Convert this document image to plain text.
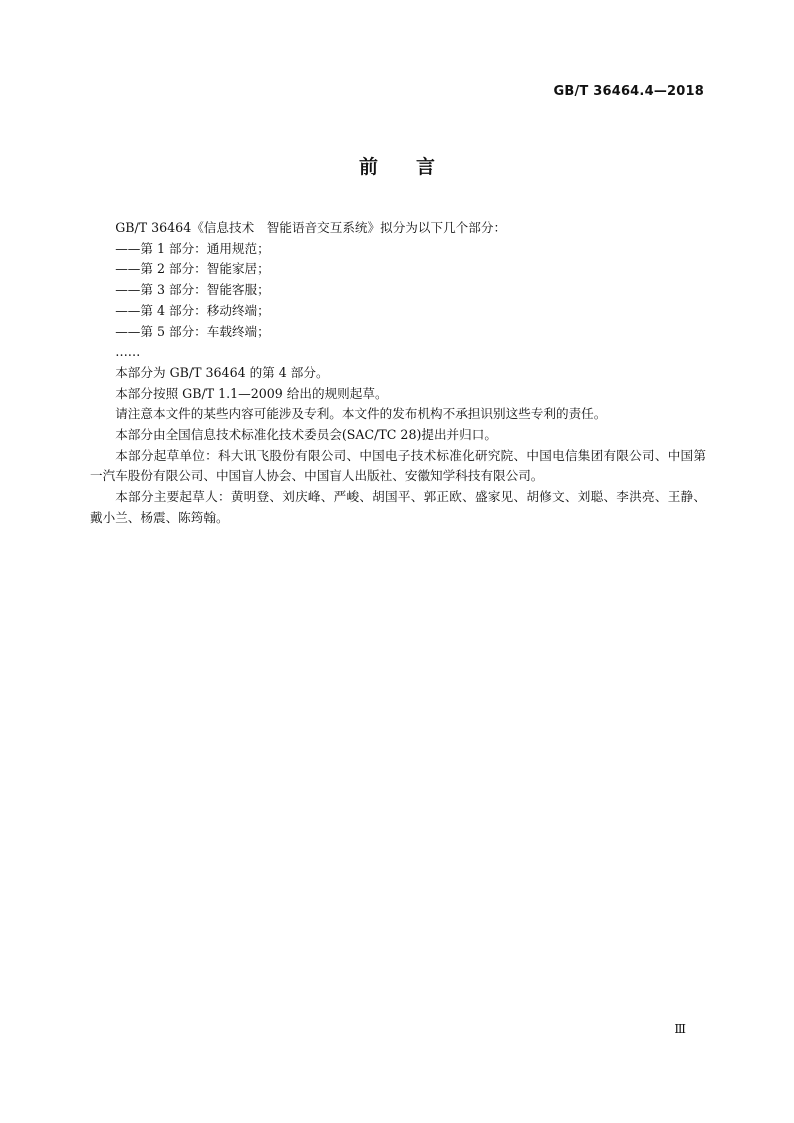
GB/T 36464.4—2018
前言

GB/T 36464《信息技术　智能语音交互系统》拟分为以下几个部分：

——第 1 部分：通用规范；

——第 2 部分：智能家居；

——第 3 部分：智能客服；

——第 4 部分：移动终端；

——第 5 部分：车载终端；

……

本部分为 GB/T 36464 的第 4 部分。

本部分按照 GB/T 1.1—2009 给出的规则起草。

请注意本文件的某些内容可能涉及专利。本文件的发布机构不承担识别这些专利的责任。

本部分由全国信息技术标准化技术委员会(SAC/TC 28)提出并归口。

本部分起草单位：科大讯飞股份有限公司、中国电子技术标准化研究院、中国电信集团有限公司、中国第一汽车股份有限公司、中国盲人协会、中国盲人出版社、安徽知学科技有限公司。

本部分主要起草人：黄明登、刘庆峰、严峻、胡国平、郭正欧、盛家见、胡修文、刘聪、李洪亮、王静、戴小兰、杨震、陈筠翰。

Ⅲ
